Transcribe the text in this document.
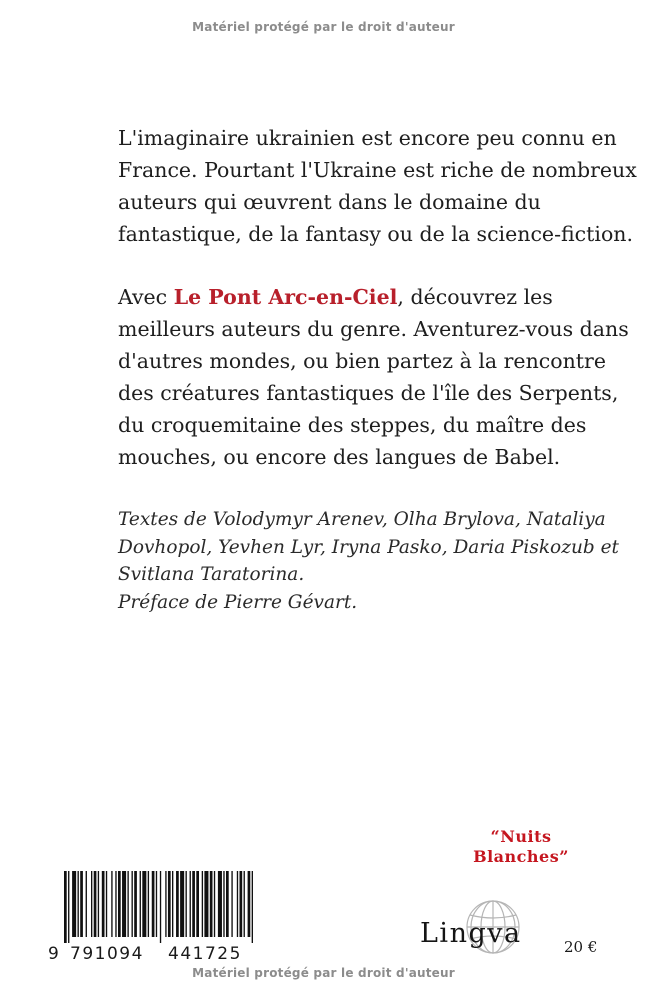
Matériel protégé par le droit d'auteur
L'imaginaire ukrainien est encore peu connu en
France. Pourtant l'Ukraine est riche de nombreux
auteurs qui œuvrent dans le domaine du
fantastique, de la fantasy ou de la science-fiction.
Avec Le Pont Arc-en-Ciel, découvrez les
meilleurs auteurs du genre. Aventurez-vous dans
d'autres mondes, ou bien partez à la rencontre
des créatures fantastiques de l'île des Serpents,
du croquemitaine des steppes, du maître des
mouches, ou encore des langues de Babel.
Textes de Volodymyr Arenev, Olha Brylova, Nataliya
Dovhopol, Yevhen Lyr, Iryna Pasko, Daria Piskozub et
Svitlana Taratorina.
Préface de Pierre Gévart.
“Nuits
Blanches”
9 791094 441725
Lingva	20 €
Matériel protégé par le droit d'auteur
